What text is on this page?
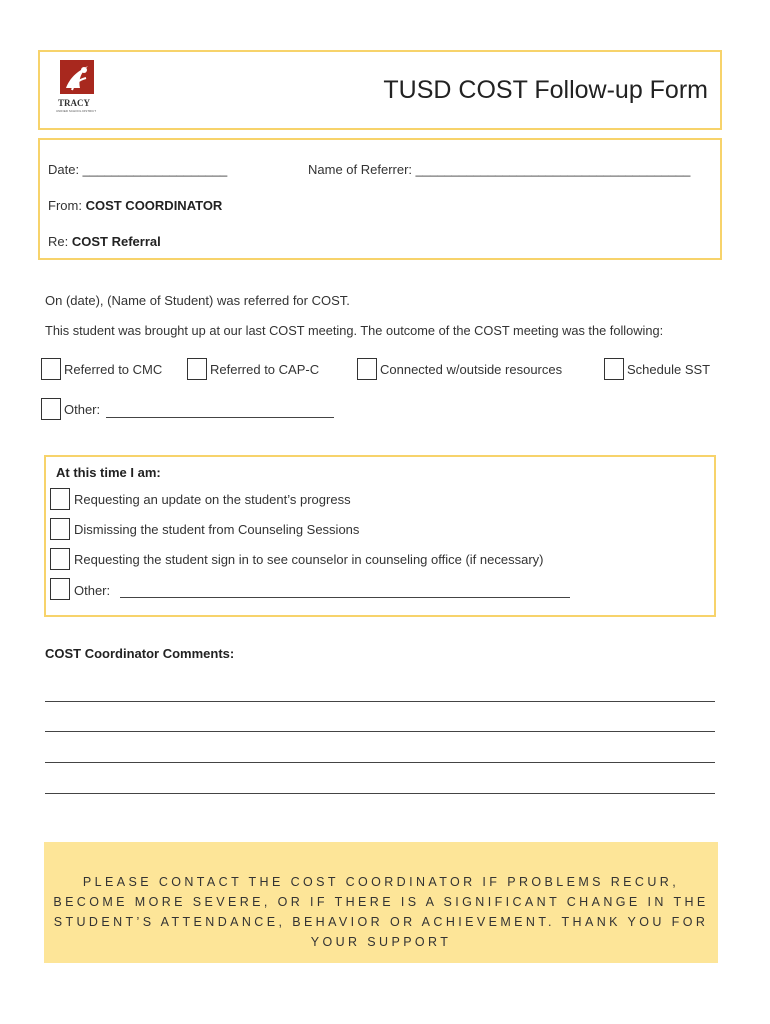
TRACY
UNIFIED SCHOOL DISTRICT
TUSD COST Follow-up Form
Date: ____________________	Name of Referrer: ______________________________________
From: COST COORDINATOR
Re: COST Referral
On (date), (Name of Student) was referred for COST.
This student was brought up at our last COST meeting. The outcome of the COST meeting was the following:
Referred to CMC	Referred to CAP-C	Connected w/outside resources	Schedule SST
Other:
At this time I am:
Requesting an update on the student’s progress
Dismissing the student from Counseling Sessions
Requesting the student sign in to see counselor in counseling office (if necessary)
Other:
COST Coordinator Comments:
PLEASE CONTACT THE COST COORDINATOR IF PROBLEMS RECUR, BECOME MORE SEVERE, OR IF THERE IS A SIGNIFICANT CHANGE IN THE STUDENT’S ATTENDANCE, BEHAVIOR OR ACHIEVEMENT. THANK YOU FOR YOUR SUPPORT
